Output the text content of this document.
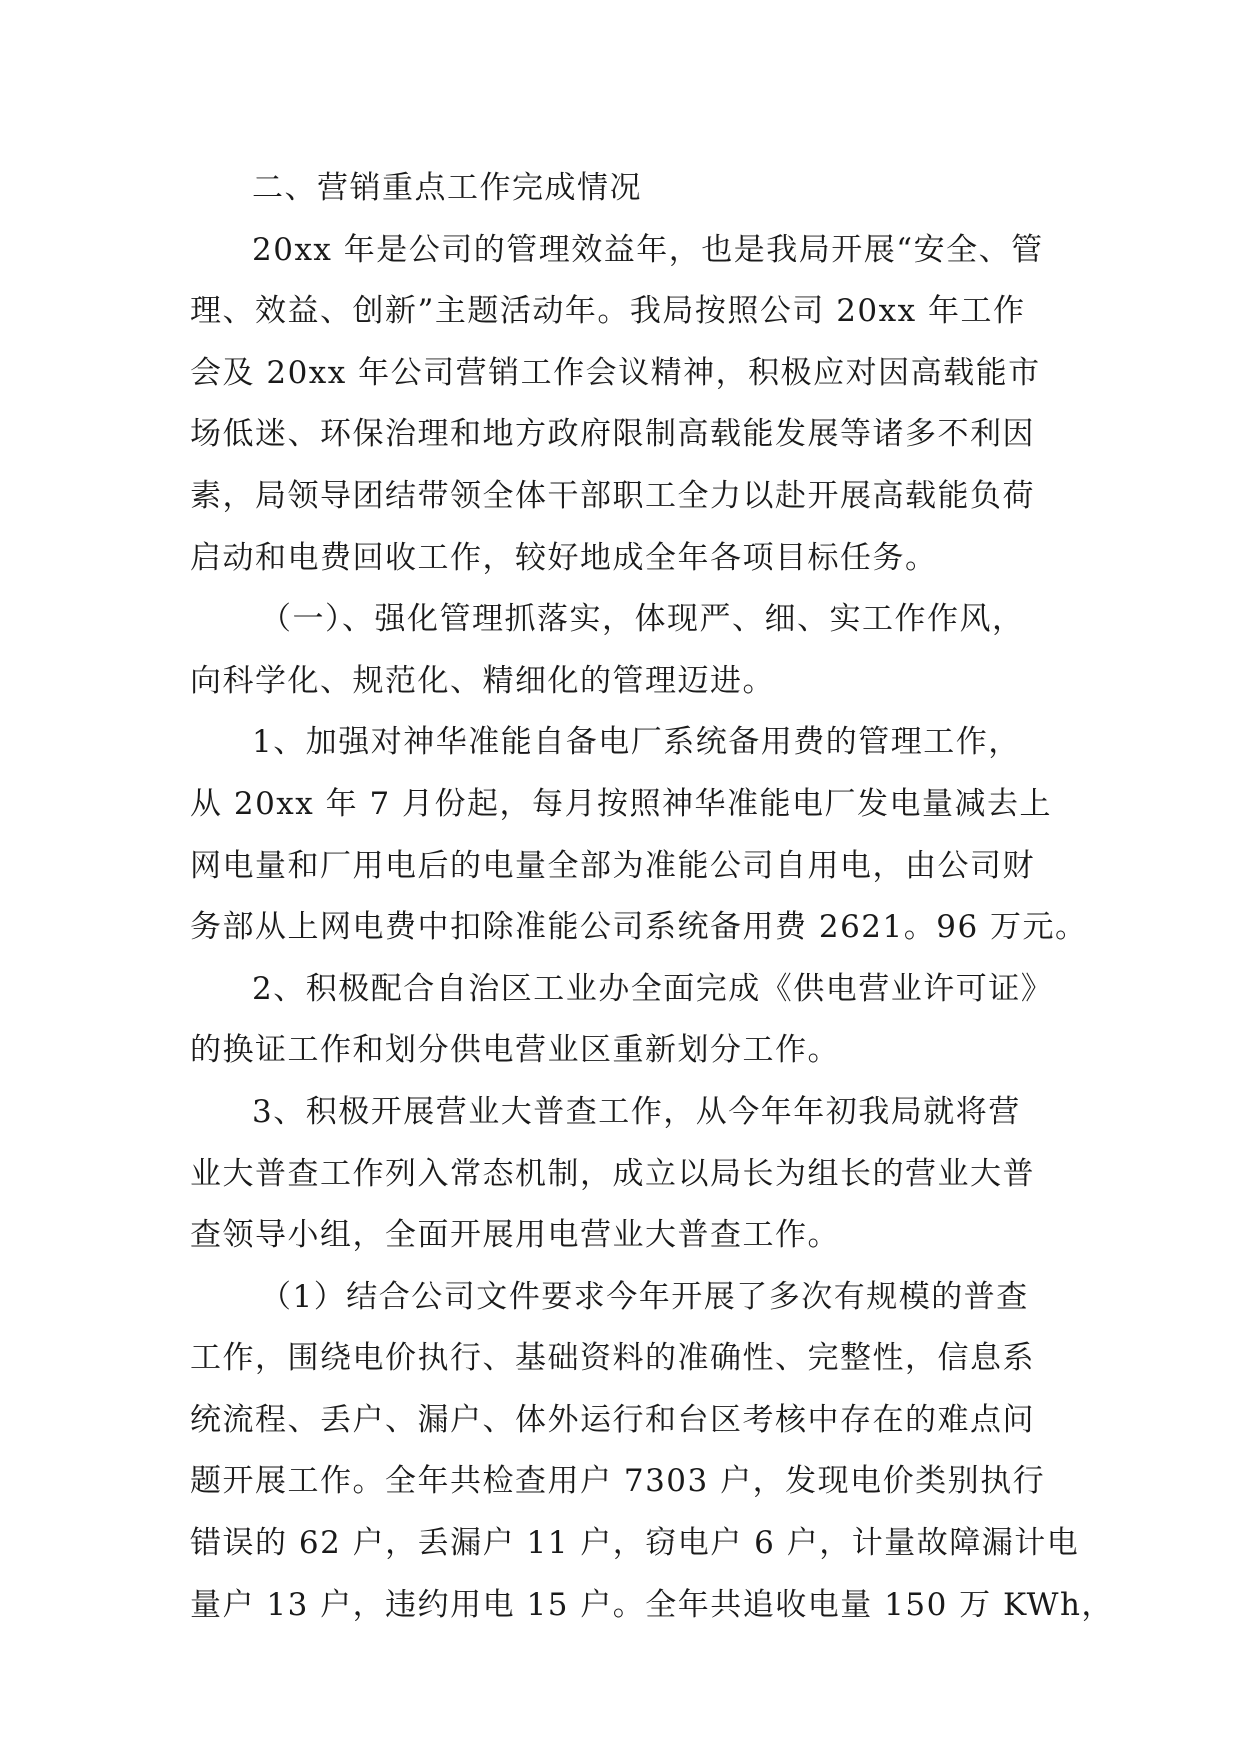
二、营销重点工作完成情况

20xx 年是公司的管理效益年，也是我局开展“安全、管
理、效益、创新”主题活动年。我局按照公司 20xx 年工作
会及 20xx 年公司营销工作会议精神，积极应对因高载能市
场低迷、环保治理和地方政府限制高载能发展等诸多不利因
素，局领导团结带领全体干部职工全力以赴开展高载能负荷
启动和电费回收工作，较好地成全年各项目标任务。

（一）、强化管理抓落实，体现严、细、实工作作风，
向科学化、规范化、精细化的管理迈进。

1、加强对神华准能自备电厂系统备用费的管理工作，
从 20xx 年 7 月份起，每月按照神华准能电厂发电量减去上
网电量和厂用电后的电量全部为准能公司自用电，由公司财
务部从上网电费中扣除准能公司系统备用费 2621。96 万元。

2、积极配合自治区工业办全面完成《供电营业许可证》
的换证工作和划分供电营业区重新划分工作。

3、积极开展营业大普查工作，从今年年初我局就将营
业大普查工作列入常态机制，成立以局长为组长的营业大普
查领导小组，全面开展用电营业大普查工作。

（1）结合公司文件要求今年开展了多次有规模的普查
工作，围绕电价执行、基础资料的准确性、完整性，信息系
统流程、丢户、漏户、体外运行和台区考核中存在的难点问
题开展工作。全年共检查用户 7303 户，发现电价类别执行
错误的 62 户，丢漏户 11 户，窃电户 6 户，计量故障漏计电
量户 13 户，违约用电 15 户。全年共追收电量 150 万 KWh，
